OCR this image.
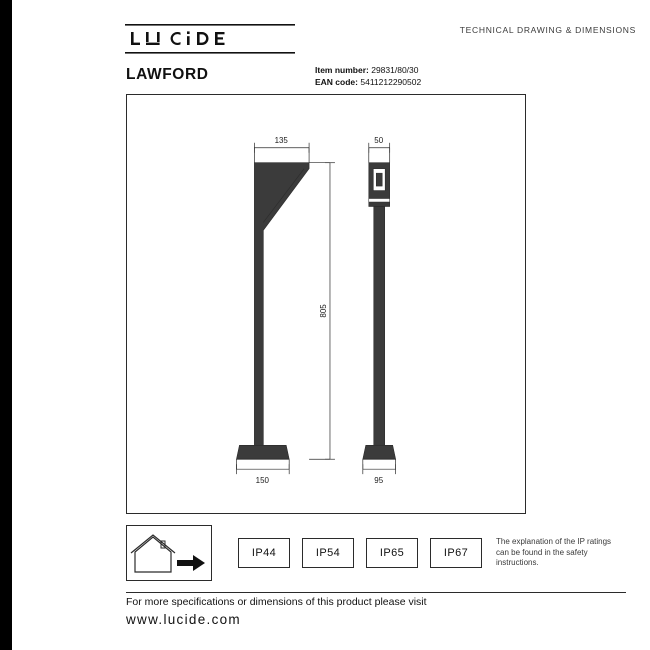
TECHNICAL DRAWING & DIMENSIONS
LAWFORD	Item number: 29831/80/30
EAN code: 5411212290502
135	50
150	95
805
IP44	IP54	IP65	IP67
The explanation of the IP ratings can be found in the safety instructions.
For more specifications or dimensions of this product please visit
www.lucide.com
